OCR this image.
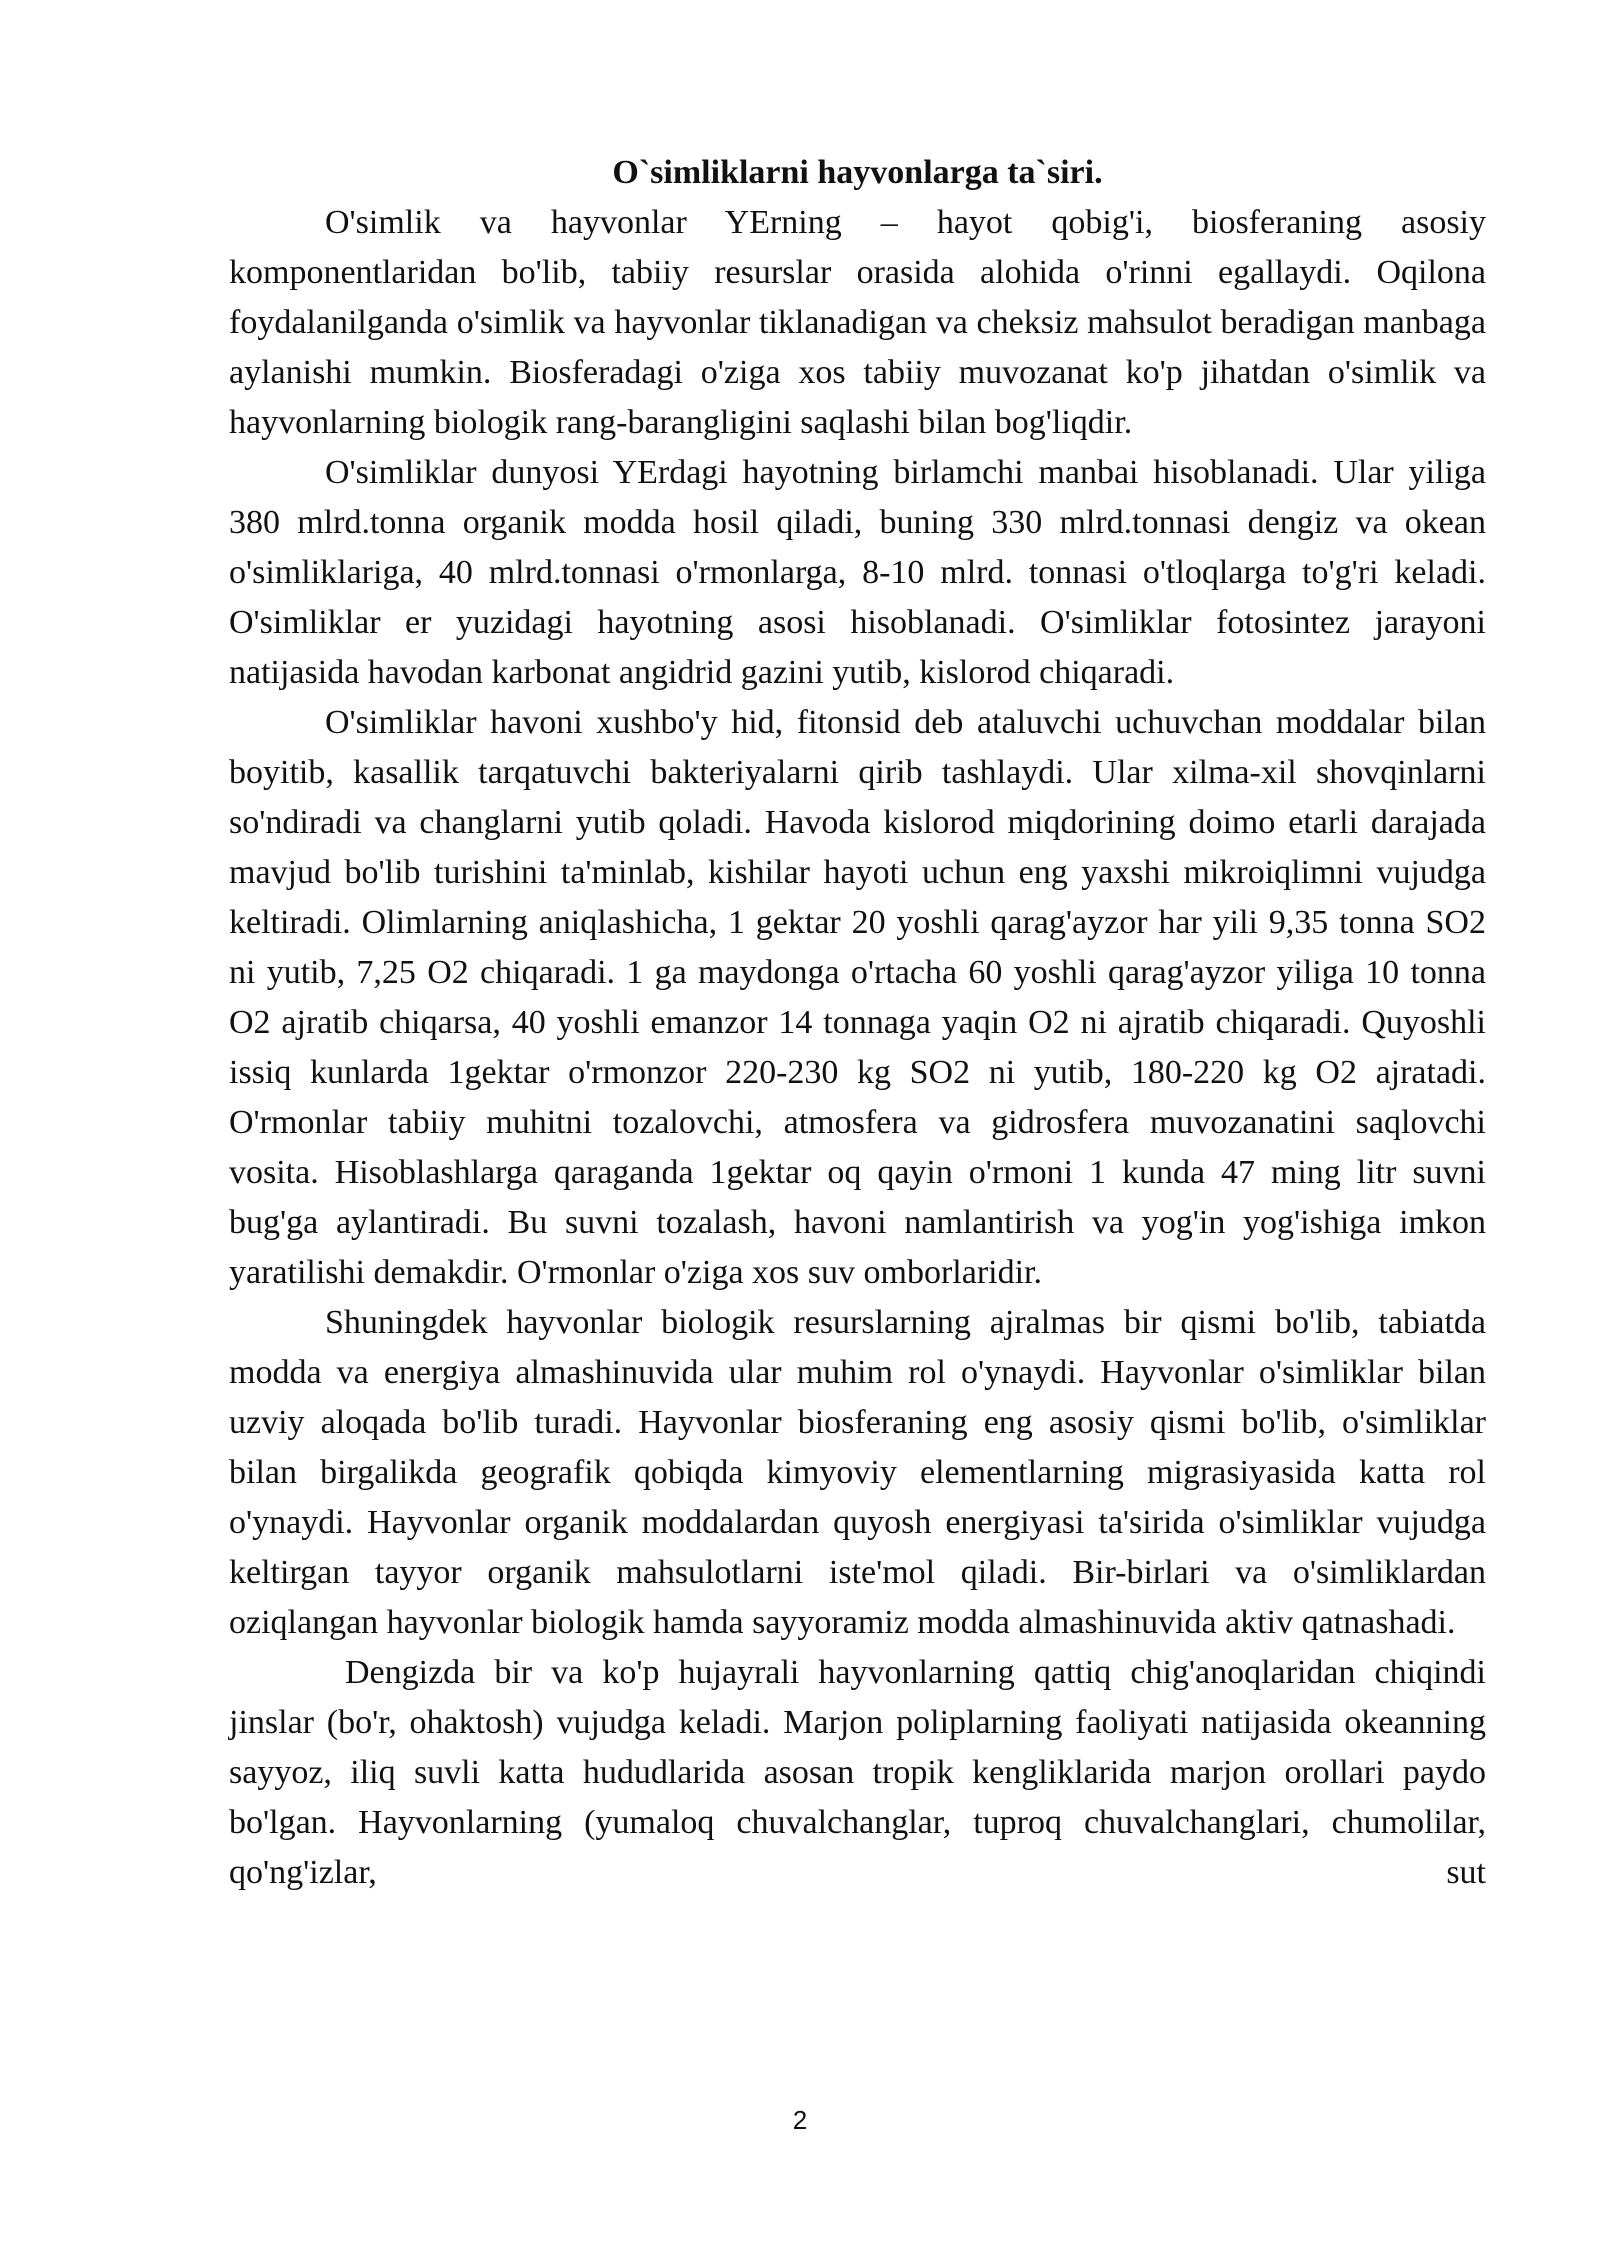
O`simliklarni hayvonlarga ta`siri.

O'simlik va hayvonlar YErning – hayot qobig'i, biosferaning asosiy komponentlaridan bo'lib, tabiiy resurslar orasida alohida o'rinni egallaydi. Oqilona foydalanilganda o'simlik va hayvonlar tiklanadigan va cheksiz mahsulot beradigan manbaga aylanishi mumkin. Biosferadagi o'ziga xos tabiiy muvozanat ko'p jihatdan o'simlik va hayvonlarning biologik rang-barangligini saqlashi bilan bog'liqdir.

O'simliklar dunyosi YErdagi hayotning birlamchi manbai hisoblanadi. Ular yiliga 380 mlrd.tonna organik modda hosil qiladi, buning 330 mlrd.tonnasi dengiz va okean o'simliklariga, 40 mlrd.tonnasi o'rmonlarga, 8-10 mlrd. tonnasi o'tloqlarga to'g'ri keladi. O'simliklar er yuzidagi hayotning asosi hisoblanadi. O'simliklar fotosintez jarayoni natijasida havodan karbonat angidrid gazini yutib, kislorod chiqaradi.

O'simliklar havoni xushbo'y hid, fitonsid deb ataluvchi uchuvchan moddalar bilan boyitib, kasallik tarqatuvchi bakteriyalarni qirib tashlaydi. Ular xilma-xil shovqinlarni so'ndiradi va changlarni yutib qoladi. Havoda kislorod miqdorining doimo etarli darajada mavjud bo'lib turishini ta'minlab, kishilar hayoti uchun eng yaxshi mikroiqlimni vujudga keltiradi. Olimlarning aniqlashicha, 1 gektar 20 yoshli qarag'ayzor har yili 9,35 tonna SO2 ni yutib, 7,25 O2 chiqaradi. 1 ga maydonga o'rtacha 60 yoshli qarag'ayzor yiliga 10 tonna O2 ajratib chiqarsa, 40 yoshli emanzor 14 tonnaga yaqin O2 ni ajratib chiqaradi. Quyoshli issiq kunlarda 1gektar o'rmonzor 220-230 kg SO2 ni yutib, 180-220 kg O2 ajratadi. O'rmonlar tabiiy muhitni tozalovchi, atmosfera va gidrosfera muvozanatini saqlovchi vosita. Hisoblashlarga qaraganda 1gektar oq qayin o'rmoni 1 kunda 47 ming litr suvni bug'ga aylantiradi. Bu suvni tozalash, havoni namlantirish va yog'in yog'ishiga imkon yaratilishi demakdir. O'rmonlar o'ziga xos suv omborlaridir.

Shuningdek hayvonlar biologik resurslarning ajralmas bir qismi bo'lib, tabiatda modda va energiya almashinuvida ular muhim rol o'ynaydi. Hayvonlar o'simliklar bilan uzviy aloqada bo'lib turadi. Hayvonlar biosferaning eng asosiy qismi bo'lib, o'simliklar bilan birgalikda geografik qobiqda kimyoviy elementlarning migrasiyasida katta rol o'ynaydi. Hayvonlar organik moddalardan quyosh energiyasi ta'sirida o'simliklar vujudga keltirgan tayyor organik mahsulotlarni iste'mol qiladi. Bir-birlari va o'simliklardan oziqlangan hayvonlar biologik hamda sayyoramiz modda almashinuvida aktiv qatnashadi.

Dengizda bir va ko'p hujayrali hayvonlarning qattiq chig'anoqlaridan chiqindi jinslar (bo'r, ohaktosh) vujudga keladi. Marjon poliplarning faoliyati natijasida okeanning sayyoz, iliq suvli katta hududlarida asosan tropik kengliklarida marjon orollari paydo bo'lgan. Hayvonlarning (yumaloq chuvalchanglar, tuproq chuvalchanglari, chumolilar, qo'ng'izlar, sut

2
